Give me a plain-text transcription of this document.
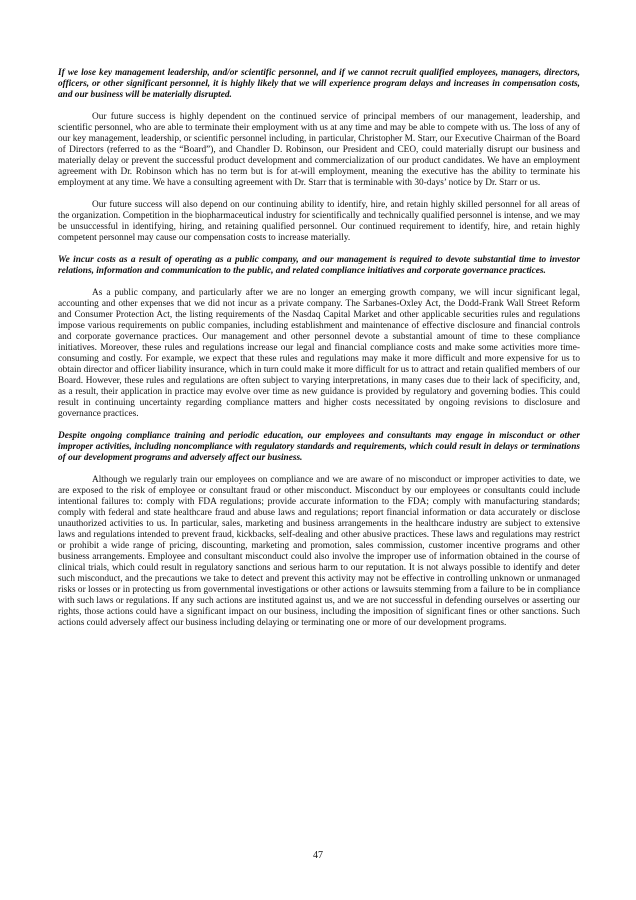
If we lose key management leadership, and/or scientific personnel, and if we cannot recruit qualified employees, managers, directors, officers, or other significant personnel, it is highly likely that we will experience program delays and increases in compensation costs, and our business will be materially disrupted.

Our future success is highly dependent on the continued service of principal members of our management, leadership, and scientific personnel, who are able to terminate their employment with us at any time and may be able to compete with us. The loss of any of our key management, leadership, or scientific personnel including, in particular, Christopher M. Starr, our Executive Chairman of the Board of Directors (referred to as the “Board”), and Chandler D. Robinson, our President and CEO, could materially disrupt our business and materially delay or prevent the successful product development and commercialization of our product candidates. We have an employment agreement with Dr. Robinson which has no term but is for at-will employment, meaning the executive has the ability to terminate his employment at any time. We have a consulting agreement with Dr. Starr that is terminable with 30-days’ notice by Dr. Starr or us.

Our future success will also depend on our continuing ability to identify, hire, and retain highly skilled personnel for all areas of the organization. Competition in the biopharmaceutical industry for scientifically and technically qualified personnel is intense, and we may be unsuccessful in identifying, hiring, and retaining qualified personnel. Our continued requirement to identify, hire, and retain highly competent personnel may cause our compensation costs to increase materially.

We incur costs as a result of operating as a public company, and our management is required to devote substantial time to investor relations, information and communication to the public, and related compliance initiatives and corporate governance practices.

As a public company, and particularly after we are no longer an emerging growth company, we will incur significant legal, accounting and other expenses that we did not incur as a private company. The Sarbanes-Oxley Act, the Dodd-Frank Wall Street Reform and Consumer Protection Act, the listing requirements of the Nasdaq Capital Market and other applicable securities rules and regulations impose various requirements on public companies, including establishment and maintenance of effective disclosure and financial controls and corporate governance practices. Our management and other personnel devote a substantial amount of time to these compliance initiatives. Moreover, these rules and regulations increase our legal and financial compliance costs and make some activities more time-consuming and costly. For example, we expect that these rules and regulations may make it more difficult and more expensive for us to obtain director and officer liability insurance, which in turn could make it more difficult for us to attract and retain qualified members of our Board. However, these rules and regulations are often subject to varying interpretations, in many cases due to their lack of specificity, and, as a result, their application in practice may evolve over time as new guidance is provided by regulatory and governing bodies. This could result in continuing uncertainty regarding compliance matters and higher costs necessitated by ongoing revisions to disclosure and governance practices.

Despite ongoing compliance training and periodic education, our employees and consultants may engage in misconduct or other improper activities, including noncompliance with regulatory standards and requirements, which could result in delays or terminations of our development programs and adversely affect our business.

Although we regularly train our employees on compliance and we are aware of no misconduct or improper activities to date, we are exposed to the risk of employee or consultant fraud or other misconduct. Misconduct by our employees or consultants could include intentional failures to: comply with FDA regulations; provide accurate information to the FDA; comply with manufacturing standards; comply with federal and state healthcare fraud and abuse laws and regulations; report financial information or data accurately or disclose unauthorized activities to us. In particular, sales, marketing and business arrangements in the healthcare industry are subject to extensive laws and regulations intended to prevent fraud, kickbacks, self-dealing and other abusive practices. These laws and regulations may restrict or prohibit a wide range of pricing, discounting, marketing and promotion, sales commission, customer incentive programs and other business arrangements. Employee and consultant misconduct could also involve the improper use of information obtained in the course of clinical trials, which could result in regulatory sanctions and serious harm to our reputation. It is not always possible to identify and deter such misconduct, and the precautions we take to detect and prevent this activity may not be effective in controlling unknown or unmanaged risks or losses or in protecting us from governmental investigations or other actions or lawsuits stemming from a failure to be in compliance with such laws or regulations. If any such actions are instituted against us, and we are not successful in defending ourselves or asserting our rights, those actions could have a significant impact on our business, including the imposition of significant fines or other sanctions. Such actions could adversely affect our business including delaying or terminating one or more of our development programs.

47
